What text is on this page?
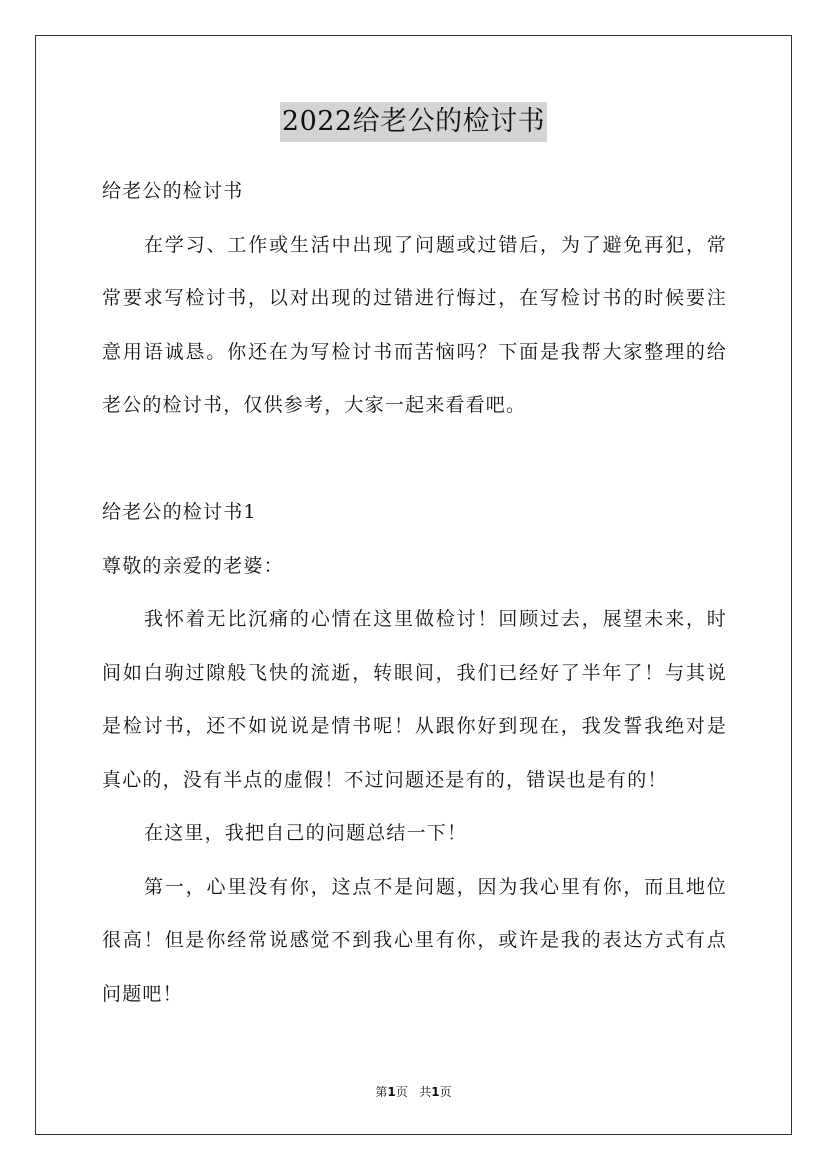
2022给老公的检讨书

给老公的检讨书

在学习、工作或生活中出现了问题或过错后，为了避免再犯，常常要求写检讨书，以对出现的过错进行悔过，在写检讨书的时候要注意用语诚恳。你还在为写检讨书而苦恼吗？下面是我帮大家整理的给老公的检讨书，仅供参考，大家一起来看看吧。

给老公的检讨书1

尊敬的亲爱的老婆：

我怀着无比沉痛的心情在这里做检讨！回顾过去，展望未来，时间如白驹过隙般飞快的流逝，转眼间，我们已经好了半年了！与其说是检讨书，还不如说说是情书呢！从跟你好到现在，我发誓我绝对是真心的，没有半点的虚假！不过问题还是有的，错误也是有的！

在这里，我把自己的问题总结一下！

第一，心里没有你，这点不是问题，因为我心里有你，而且地位很高！但是你经常说感觉不到我心里有你，或许是我的表达方式有点问题吧！

第1页 共1页
